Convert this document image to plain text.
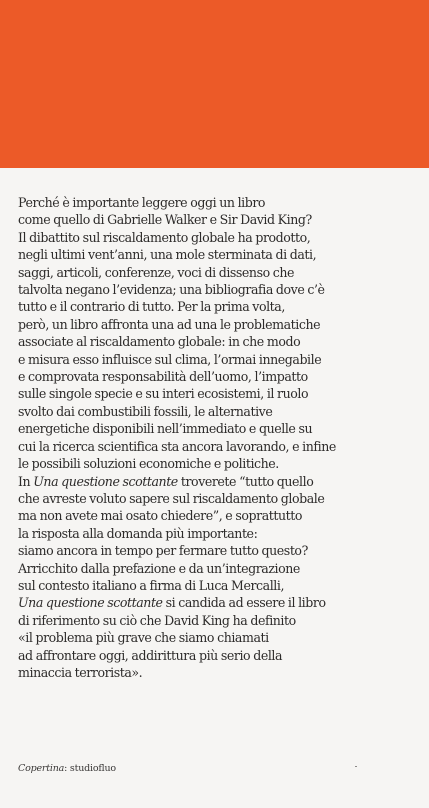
Perché è importante leggere oggi un libro
come quello di Gabrielle Walker e Sir David King?
Il dibattito sul riscaldamento globale ha prodotto,
negli ultimi vent’anni, una mole sterminata di dati,
saggi, articoli, conferenze, voci di dissenso che
talvolta negano l’evidenza; una bibliografia dove c’è
tutto e il contrario di tutto. Per la prima volta,
però, un libro affronta una ad una le problematiche
associate al riscaldamento globale: in che modo
e misura esso influisce sul clima, l’ormai innegabile
e comprovata responsabilità dell’uomo, l’impatto
sulle singole specie e su interi ecosistemi, il ruolo
svolto dai combustibili fossili, le alternative
energetiche disponibili nell’immediato e quelle su
cui la ricerca scientifica sta ancora lavorando, e infine
le possibili soluzioni economiche e politiche.
In Una questione scottante troverete “tutto quello
che avreste voluto sapere sul riscaldamento globale
ma non avete mai osato chiedere”, e soprattutto
la risposta alla domanda più importante:
siamo ancora in tempo per fermare tutto questo?
Arricchito dalla prefazione e da un’integrazione
sul contesto italiano a firma di Luca Mercalli,
Una questione scottante si candida ad essere il libro
di riferimento su ciò che David King ha definito
«il problema più grave che siamo chiamati
ad affrontare oggi, addirittura più serio della
minaccia terrorista».

Copertina: studiofluo
